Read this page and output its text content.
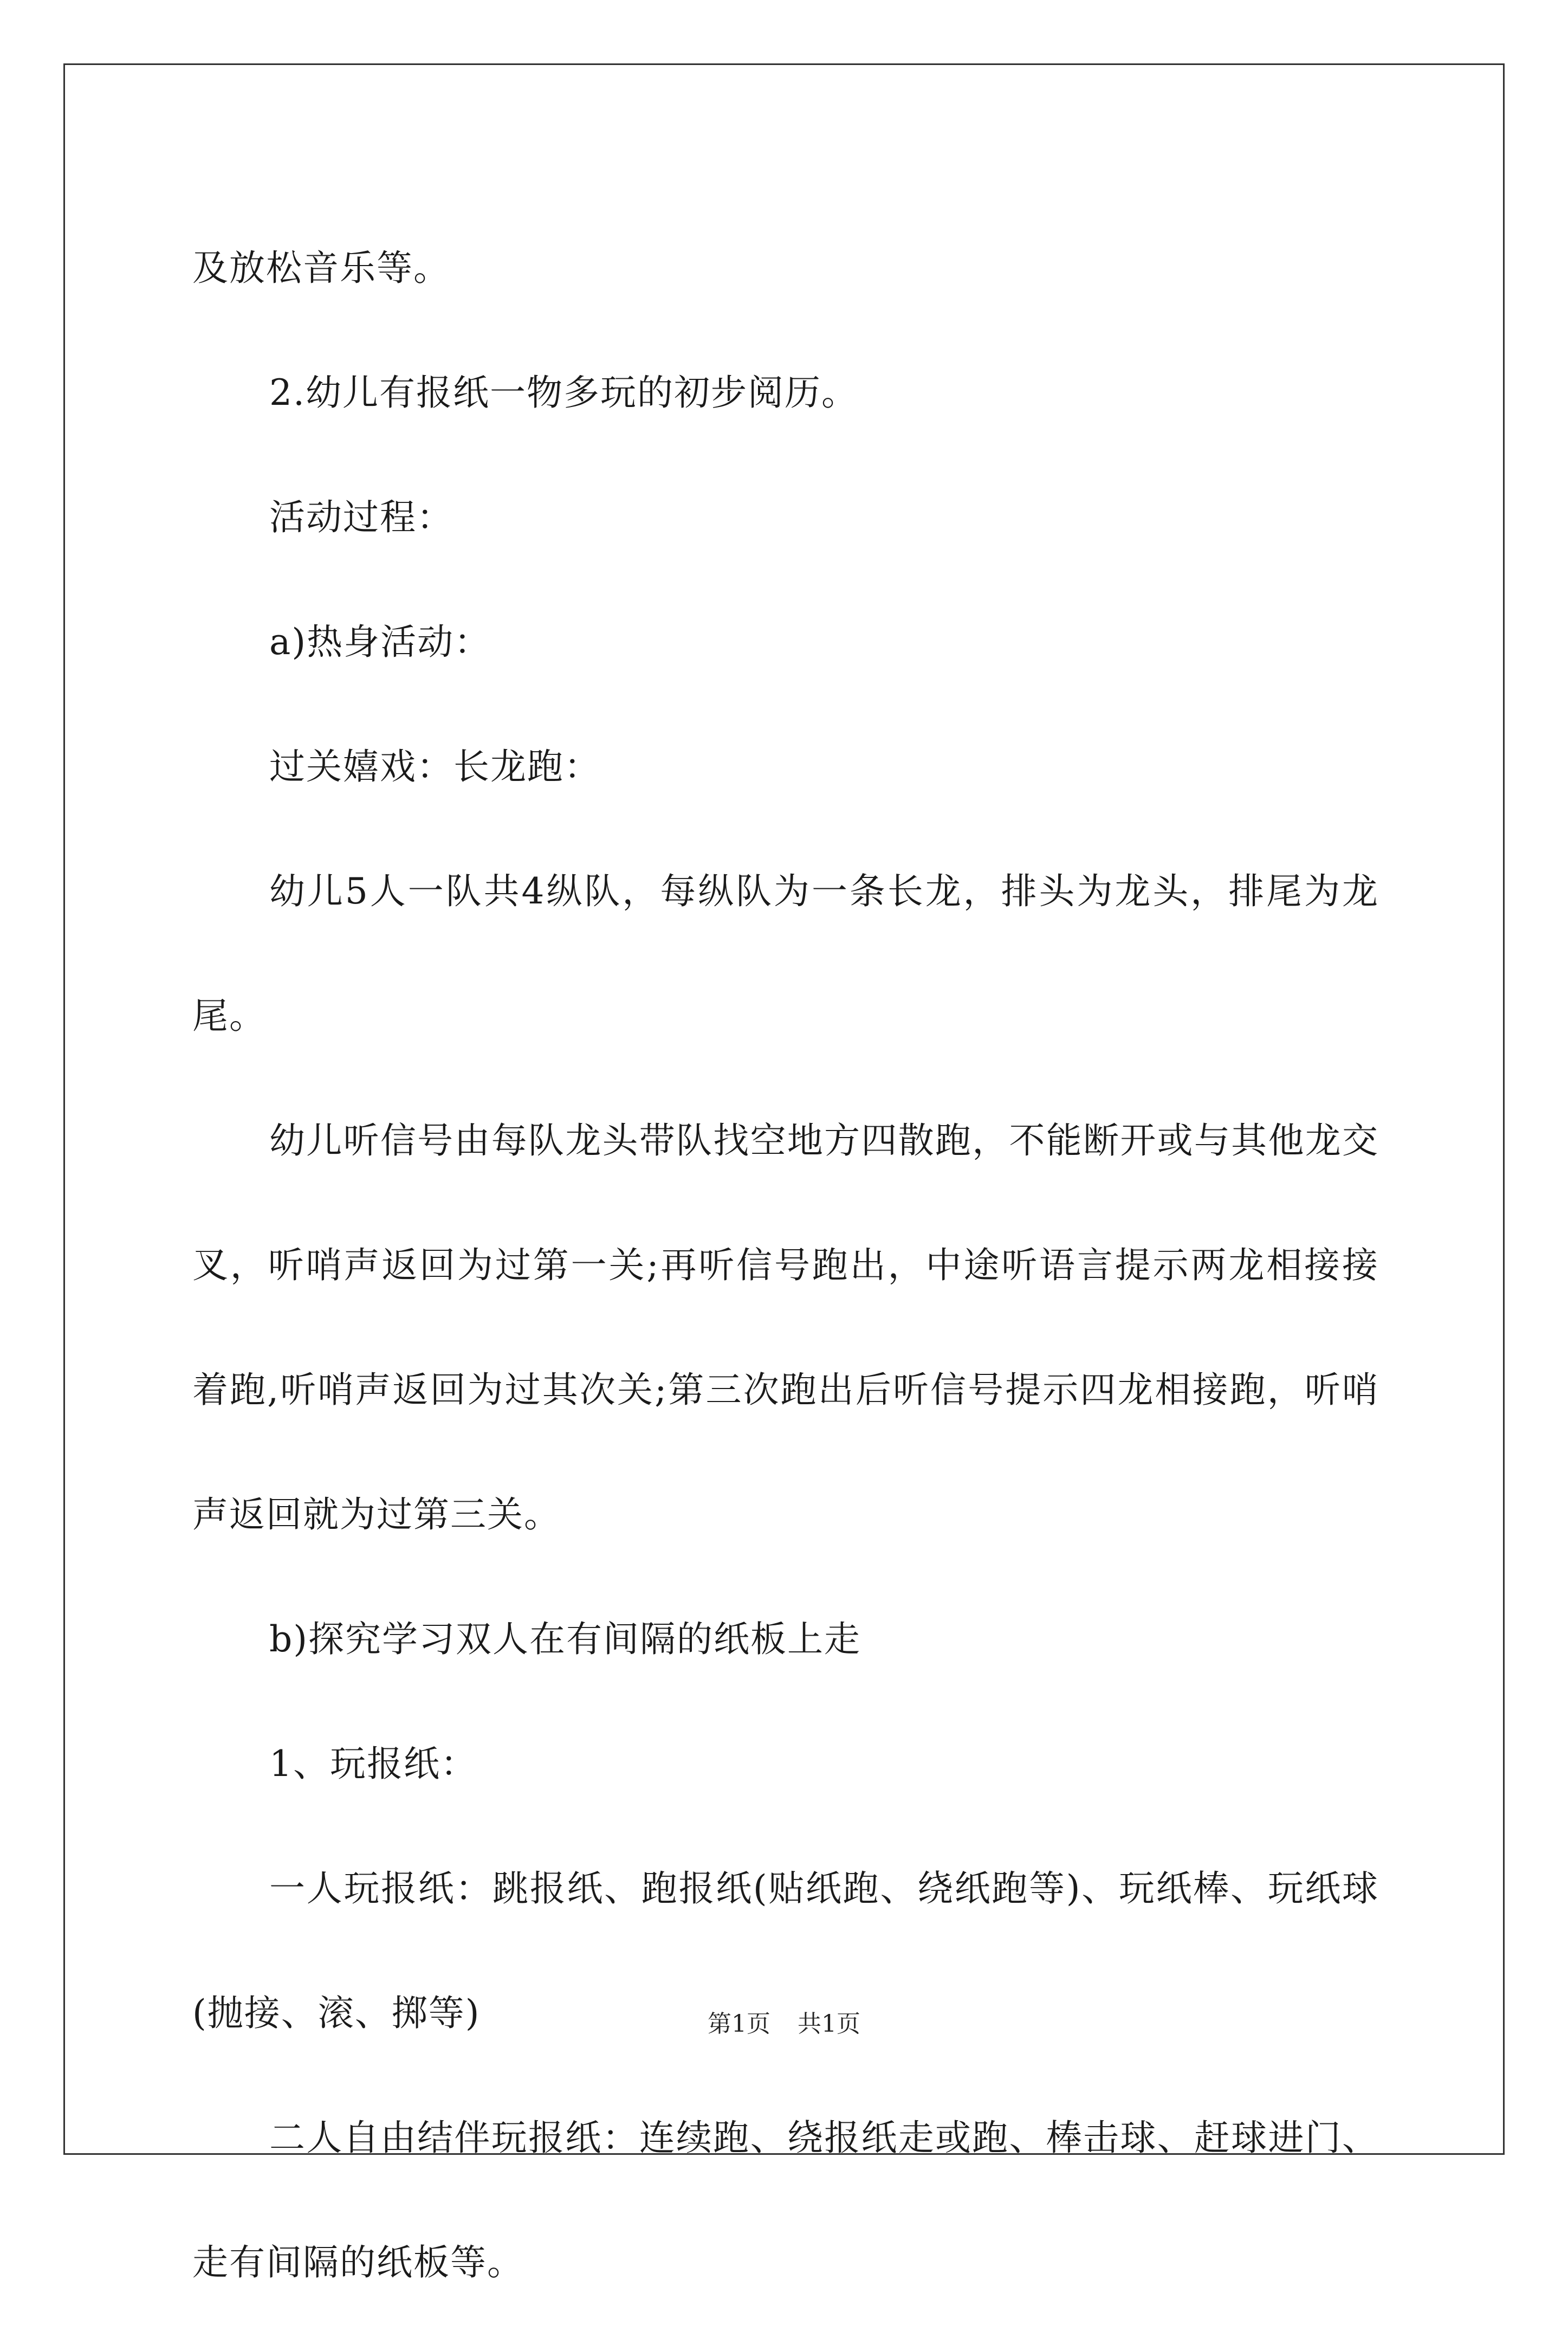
及放松音乐等。

2.幼儿有报纸一物多玩的初步阅历。

活动过程：

a)热身活动：

过关嬉戏：长龙跑：

幼儿5人一队共4纵队，每纵队为一条长龙，排头为龙头，排尾为龙尾。

幼儿听信号由每队龙头带队找空地方四散跑，不能断开或与其他龙交叉，听哨声返回为过第一关;再听信号跑出，中途听语言提示两龙相接接着跑,听哨声返回为过其次关;第三次跑出后听信号提示四龙相接跑，听哨声返回就为过第三关。

b)探究学习双人在有间隔的纸板上走

1、玩报纸：

一人玩报纸：跳报纸、跑报纸(贴纸跑、绕纸跑等)、玩纸棒、玩纸球(抛接、滚、掷等)

二人自由结伴玩报纸：连续跑、绕报纸走或跑、棒击球、赶球进门、走有间隔的纸板等。

第1页 共1页
